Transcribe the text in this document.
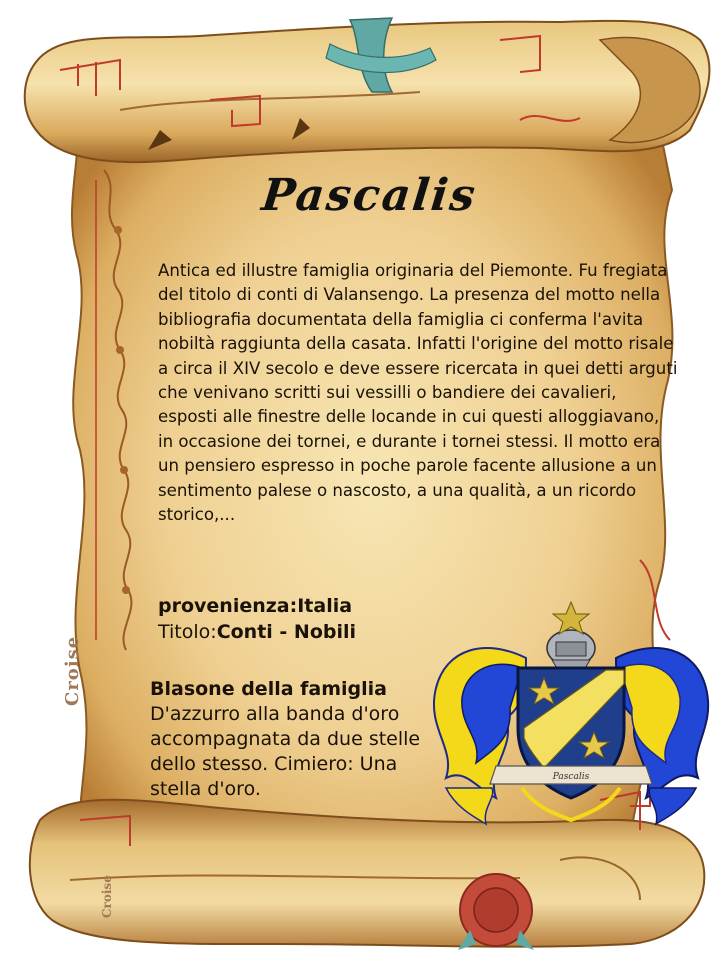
Pascalis
Antica ed illustre famiglia originaria del Piemonte. Fu fregiata del titolo di conti di Valansengo. La presenza del motto nella bibliografia documentata della famiglia ci conferma l'avita nobiltà raggiunta della casata. Infatti l'origine del motto risale a circa il XIV secolo e deve essere ricercata in quei detti arguti che venivano scritti sui vessilli o bandiere dei cavalieri, esposti alle finestre delle locande in cui questi alloggiavano, in occasione dei tornei, e durante i tornei stessi. Il motto era un pensiero espresso in poche parole facente allusione a un sentimento palese o nascosto, a una qualità, a un ricordo storico,...
provenienza:Italia
Titolo:Conti - Nobili
Blasone della famiglia
D'azzurro alla banda d'oro accompagnata da due stelle dello stesso. Cimiero: Una stella d'oro.
Croise
Croise
Pascalis
